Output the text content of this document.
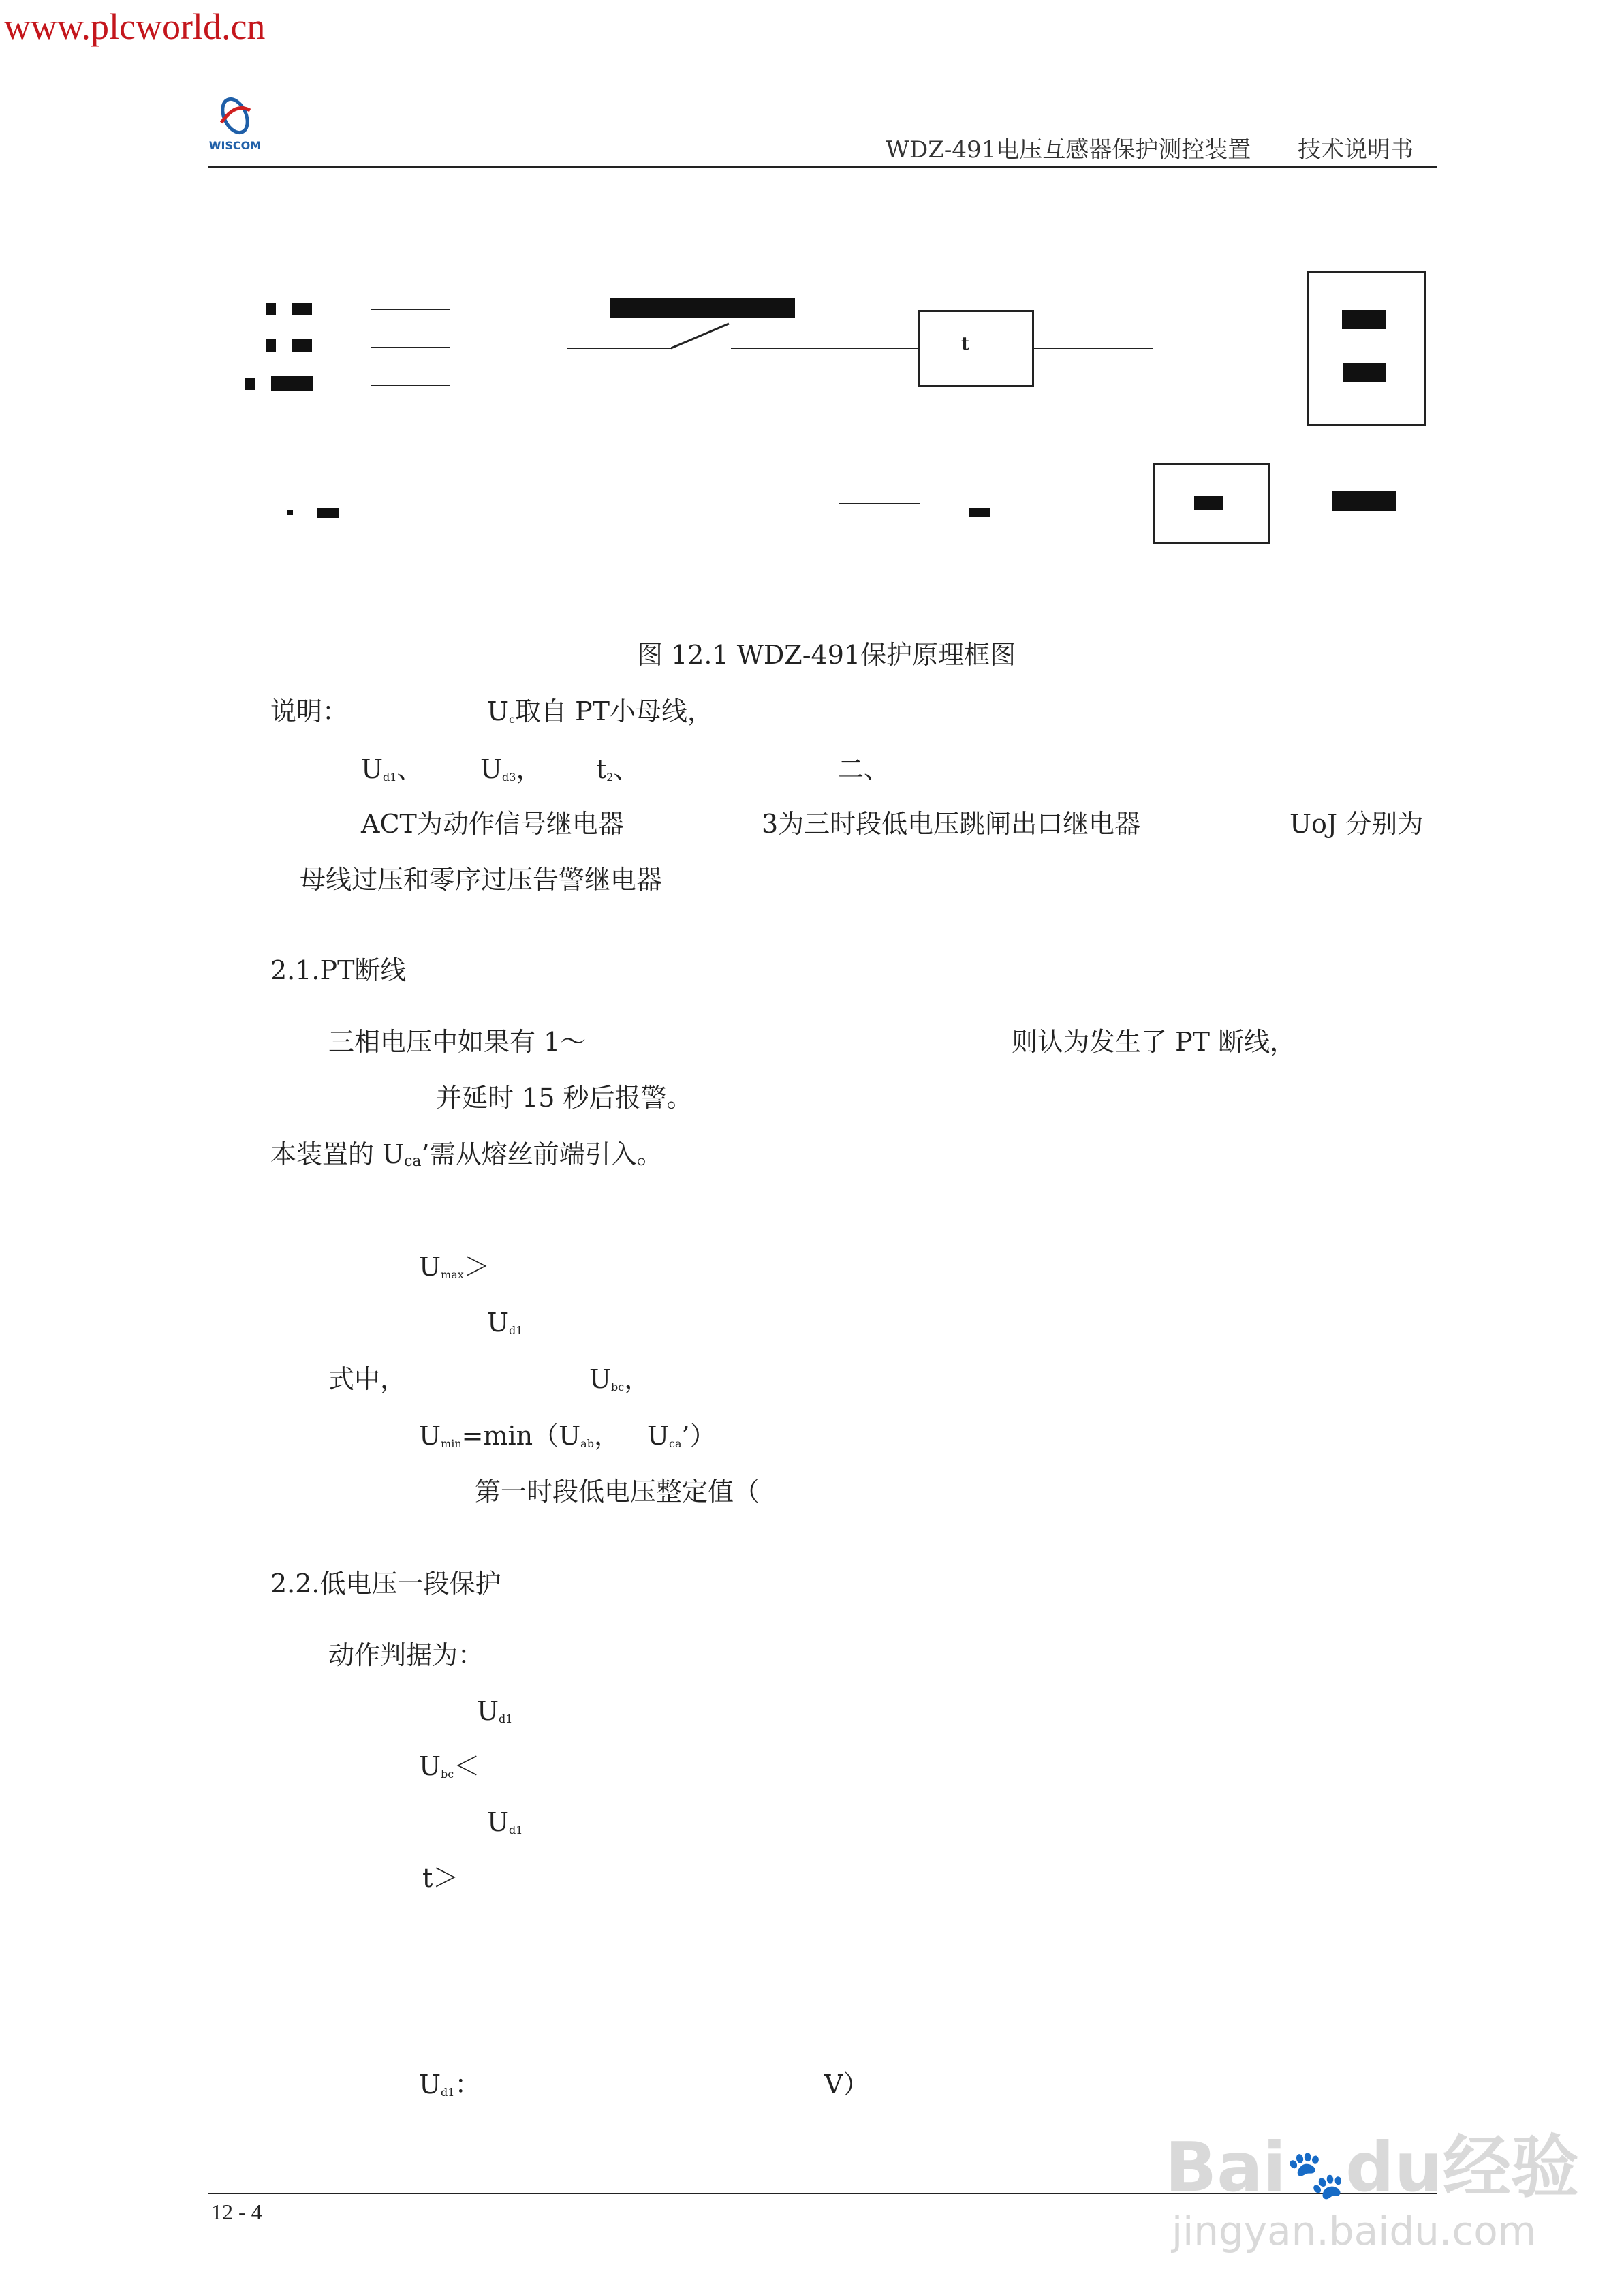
www.plcworld.cn
WISCOM	WDZ-491电压互感器保护测控装置 技术说明书
t
图 12.1 WDZ-491保护原理框图
说明：	Uc取自 PT小母线，
Ud1、 Ud3， t2、	二、
ACT为动作信号继电器	3为三时段低电压跳闸出口继电器	UoJ 分别为
母线过压和零序过压告警继电器
2.1.PT断线
三相电压中如果有 1～	则认为发生了 PT 断线，
并延时 15 秒后报警。
本装置的 Uca’需从熔丝前端引入。
Umax＞
Ud1
式中，	Ubc，
Umin=min（Uab， Uca’）
第一时段低电压整定值（
2.2.低电压一段保护
动作判据为：
Ud1
Ubc＜
Ud1
t＞
Ud1：	V）
12 - 4
Bai🐾du经验
jingyan.baidu.com
